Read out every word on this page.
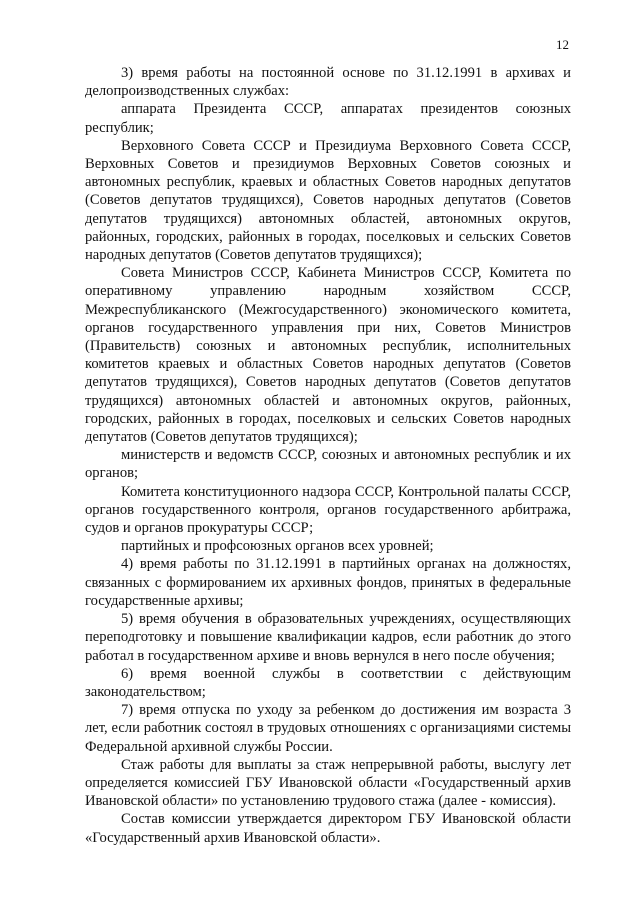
12

3) время работы на постоянной основе по 31.12.1991 в архивах и делопроизводственных службах:

аппарата Президента СССР, аппаратах президентов союзных республик;

Верховного Совета СССР и Президиума Верховного Совета СССР, Верховных Советов и президиумов Верховных Советов союзных и автономных республик, краевых и областных Советов народных депутатов (Советов депутатов трудящихся), Советов народных депутатов (Советов депутатов трудящихся) автономных областей, автономных округов, районных, городских, районных в городах, поселковых и сельских Советов народных депутатов (Советов депутатов трудящихся);

Совета Министров СССР, Кабинета Министров СССР, Комитета по оперативному управлению народным хозяйством СССР, Межреспубликанского (Межгосударственного) экономического комитета, органов государственного управления при них, Советов Министров (Правительств) союзных и автономных республик, исполнительных комитетов краевых и областных Советов народных депутатов (Советов депутатов трудящихся), Советов народных депутатов (Советов депутатов трудящихся) автономных областей и автономных округов, районных, городских, районных в городах, поселковых и сельских Советов народных депутатов (Советов депутатов трудящихся);

министерств и ведомств СССР, союзных и автономных республик и их органов;

Комитета конституционного надзора СССР, Контрольной палаты СССР, органов государственного контроля, органов государственного арбитража, судов и органов прокуратуры СССР;

партийных и профсоюзных органов всех уровней;

4) время работы по 31.12.1991 в партийных органах на должностях, связанных с формированием их архивных фондов, принятых в федеральные государственные архивы;

5) время обучения в образовательных учреждениях, осуществляющих переподготовку и повышение квалификации кадров, если работник до этого работал в государственном архиве и вновь вернулся в него после обучения;

6) время военной службы в соответствии с действующим законодательством;

7) время отпуска по уходу за ребенком до достижения им возраста 3 лет, если работник состоял в трудовых отношениях с организациями системы Федеральной архивной службы России.

Стаж работы для выплаты за стаж непрерывной работы, выслугу лет определяется комиссией ГБУ Ивановской области «Государственный архив Ивановской области» по установлению трудового стажа (далее - комиссия).

Состав комиссии утверждается директором ГБУ Ивановской области «Государственный архив Ивановской области».
